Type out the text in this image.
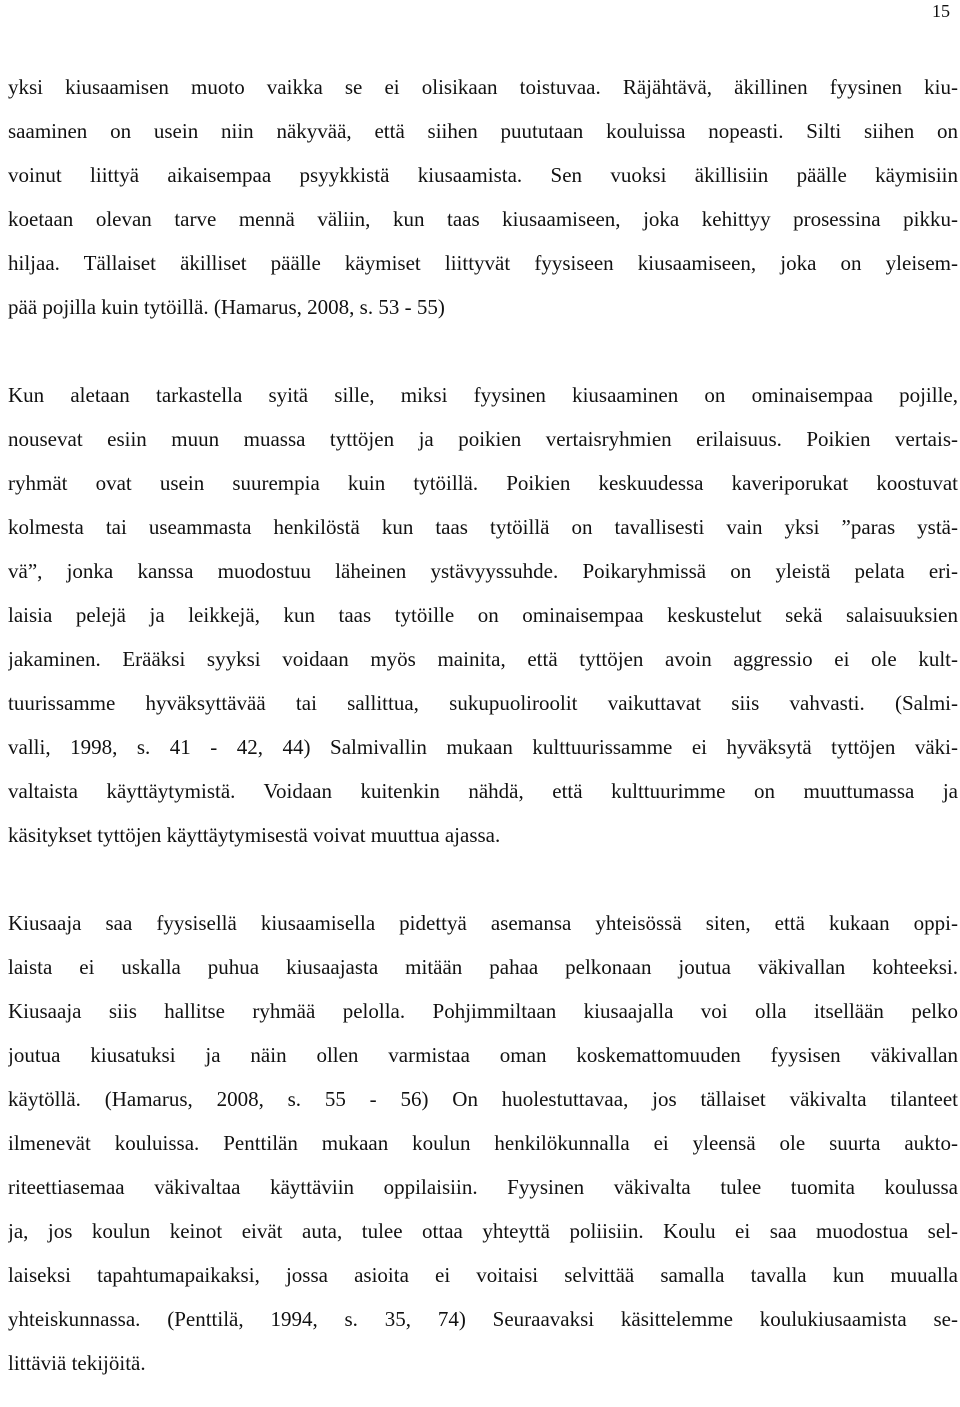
15
yksi kiusaamisen muoto vaikka se ei olisikaan toistuvaa. Räjähtävä, äkillinen fyysinen kiu-
saaminen on usein niin näkyvää, että siihen puututaan kouluissa nopeasti. Silti siihen on
voinut liittyä aikaisempaa psyykkistä kiusaamista. Sen vuoksi äkillisiin päälle käymisiin
koetaan olevan tarve mennä väliin, kun taas kiusaamiseen, joka kehittyy prosessina pikku-
hiljaa. Tällaiset äkilliset päälle käymiset liittyvät fyysiseen kiusaamiseen, joka on yleisem-
pää pojilla kuin tytöillä. (Hamarus, 2008, s. 53 - 55)
Kun aletaan tarkastella syitä sille, miksi fyysinen kiusaaminen on ominaisempaa pojille,
nousevat esiin muun muassa tyttöjen ja poikien vertaisryhmien erilaisuus. Poikien vertais-
ryhmät ovat usein suurempia kuin tytöillä. Poikien keskuudessa kaveriporukat koostuvat
kolmesta tai useammasta henkilöstä kun taas tytöillä on tavallisesti vain yksi ”paras ystä-
vä”, jonka kanssa muodostuu läheinen ystävyyssuhde. Poikaryhmissä on yleistä pelata eri-
laisia pelejä ja leikkejä, kun taas tytöille on ominaisempaa keskustelut sekä salaisuuksien
jakaminen. Erääksi syyksi voidaan myös mainita, että tyttöjen avoin aggressio ei ole kult-
tuurissamme hyväksyttävää tai sallittua, sukupuoliroolit vaikuttavat siis vahvasti. (Salmi-
valli, 1998, s. 41 - 42, 44) Salmivallin mukaan kulttuurissamme ei hyväksytä tyttöjen väki-
valtaista käyttäytymistä. Voidaan kuitenkin nähdä, että kulttuurimme on muuttumassa ja
käsitykset tyttöjen käyttäytymisestä voivat muuttua ajassa.
Kiusaaja saa fyysisellä kiusaamisella pidettyä asemansa yhteisössä siten, että kukaan oppi-
laista ei uskalla puhua kiusaajasta mitään pahaa pelkonaan joutua väkivallan kohteeksi.
Kiusaaja siis hallitse ryhmää pelolla. Pohjimmiltaan kiusaajalla voi olla itsellään pelko
joutua kiusatuksi ja näin ollen varmistaa oman koskemattomuuden fyysisen väkivallan
käytöllä. (Hamarus, 2008, s. 55 - 56) On huolestuttavaa, jos tällaiset väkivalta tilanteet
ilmenevät kouluissa. Penttilän mukaan koulun henkilökunnalla ei yleensä ole suurta aukto-
riteettiasemaa väkivaltaa käyttäviin oppilaisiin. Fyysinen väkivalta tulee tuomita koulussa
ja, jos koulun keinot eivät auta, tulee ottaa yhteyttä poliisiin. Koulu ei saa muodostua sel-
laiseksi tapahtumapaikaksi, jossa asioita ei voitaisi selvittää samalla tavalla kun muualla
yhteiskunnassa. (Penttilä, 1994, s. 35, 74) Seuraavaksi käsittelemme koulukiusaamista se-
littäviä tekijöitä.
